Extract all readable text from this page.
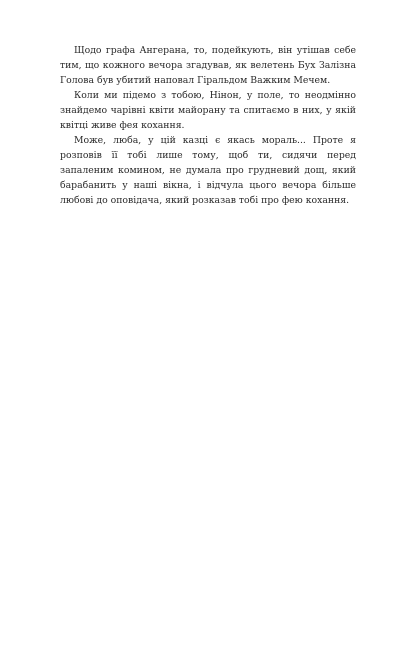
Щодо графа Ангерана, то, подейкують, він утішав себе тим, що кожного вечора згадував, як велетень Бух Залізна Голова був убитий наповал Гіральдом Важким Мечем.

Коли ми підемо з тобою, Нінон, у поле, то неодмінно знайдемо чарівні квіти майорану та спитаємо в них, у якій квітці живе фея кохання.

Може, люба, у цій казці є якась мораль... Проте я розповів її тобі лише тому, щоб ти, сидячи перед запаленим комином, не думала про грудневий дощ, який барабанить у наші вікна, і відчула цього вечора більше любові до оповідача, який розказав тобі про фею кохання.
